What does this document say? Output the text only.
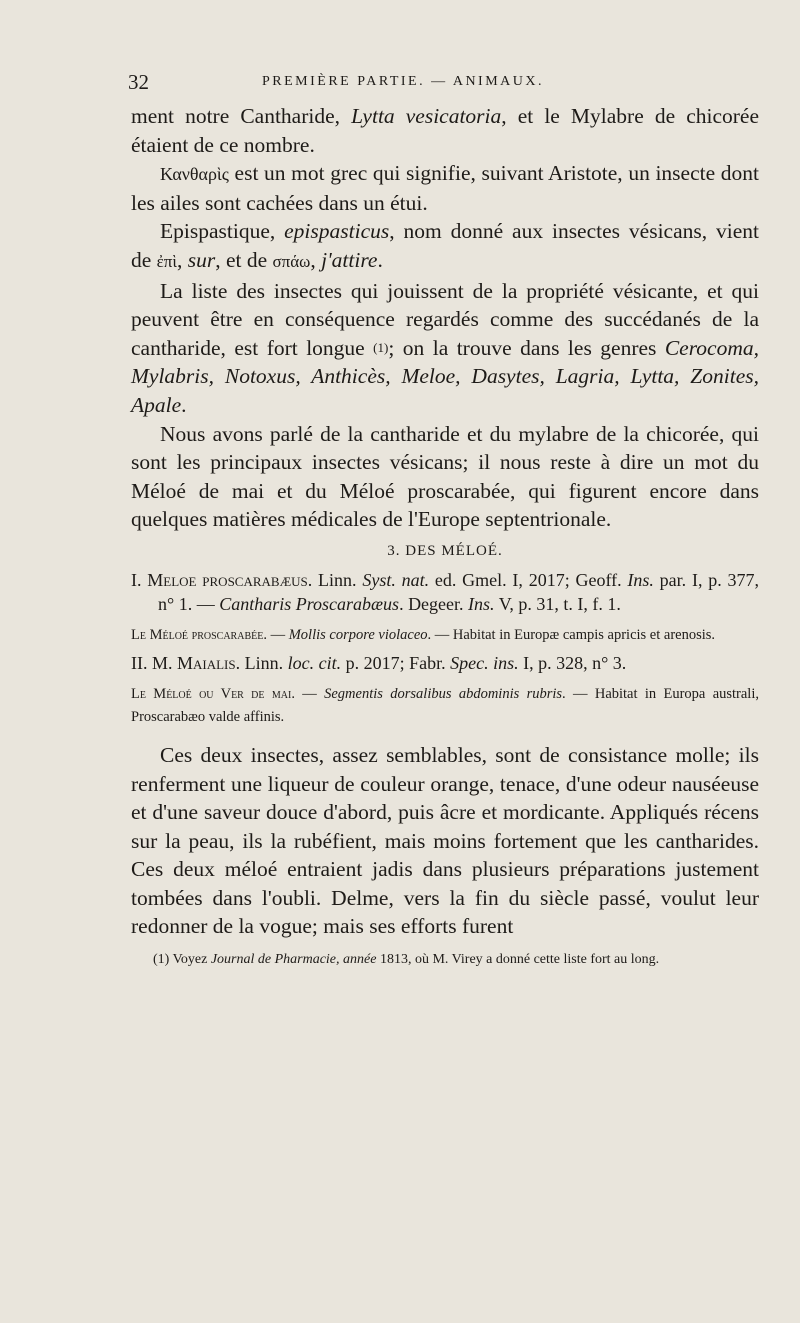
32	PREMIÈRE PARTIE. — ANIMAUX.

ment notre Cantharide, Lytta vesicatoria, et le Mylabre de chicorée étaient de ce nombre.

Κανθαρὶς est un mot grec qui signifie, suivant Aristote, un insecte dont les ailes sont cachées dans un étui.

Epispastique, epispasticus, nom donné aux insectes vésicans, vient de ἐπὶ, sur, et de σπάω, j'attire.

La liste des insectes qui jouissent de la propriété vésicante, et qui peuvent être en conséquence regardés comme des succédanés de la cantharide, est fort longue $^{(1)}$; on la trouve dans les genres Cerocoma, Mylabris, Notoxus, Anthicès, Meloe, Dasytes, Lagria, Lytta, Zonites, Apale.

Nous avons parlé de la cantharide et du mylabre de la chicorée, qui sont les principaux insectes vésicans; il nous reste à dire un mot du Méloé de mai et du Méloé proscarabée, qui figurent encore dans quelques matières médicales de l'Europe septentrionale.

3. DES MÉLOÉ.

I. Meloe proscarabæus. Linn. Syst. nat. ed. Gmel. I, 2017; Geoff. Ins. par. I, p. 377, n° 1. — Cantharis Proscarabæus. Degeer. Ins. V, p. 31, t. I, f. 1.

Le Méloé proscarabée. — Mollis corpore violaceo. — Habitat in Europæ campis apricis et arenosis.

II. M. Maialis. Linn. loc. cit. p. 2017; Fabr. Spec. ins. I, p. 328, n° 3.

Le Méloé ou Ver de mai. — Segmentis dorsalibus abdominis rubris. — Habitat in Europa australi, Proscarabæo valde affinis.

Ces deux insectes, assez semblables, sont de consistance molle; ils renferment une liqueur de couleur orange, tenace, d'une odeur nauséeuse et d'une saveur douce d'abord, puis âcre et mordicante. Appliqués récens sur la peau, ils la rubéfient, mais moins fortement que les cantharides. Ces deux méloé entraient jadis dans plusieurs préparations justement tombées dans l'oubli. Delme, vers la fin du siècle passé, voulut leur redonner de la vogue; mais ses efforts furent

(1) Voyez Journal de Pharmacie, année 1813, où M. Virey a donné cette liste fort au long.
